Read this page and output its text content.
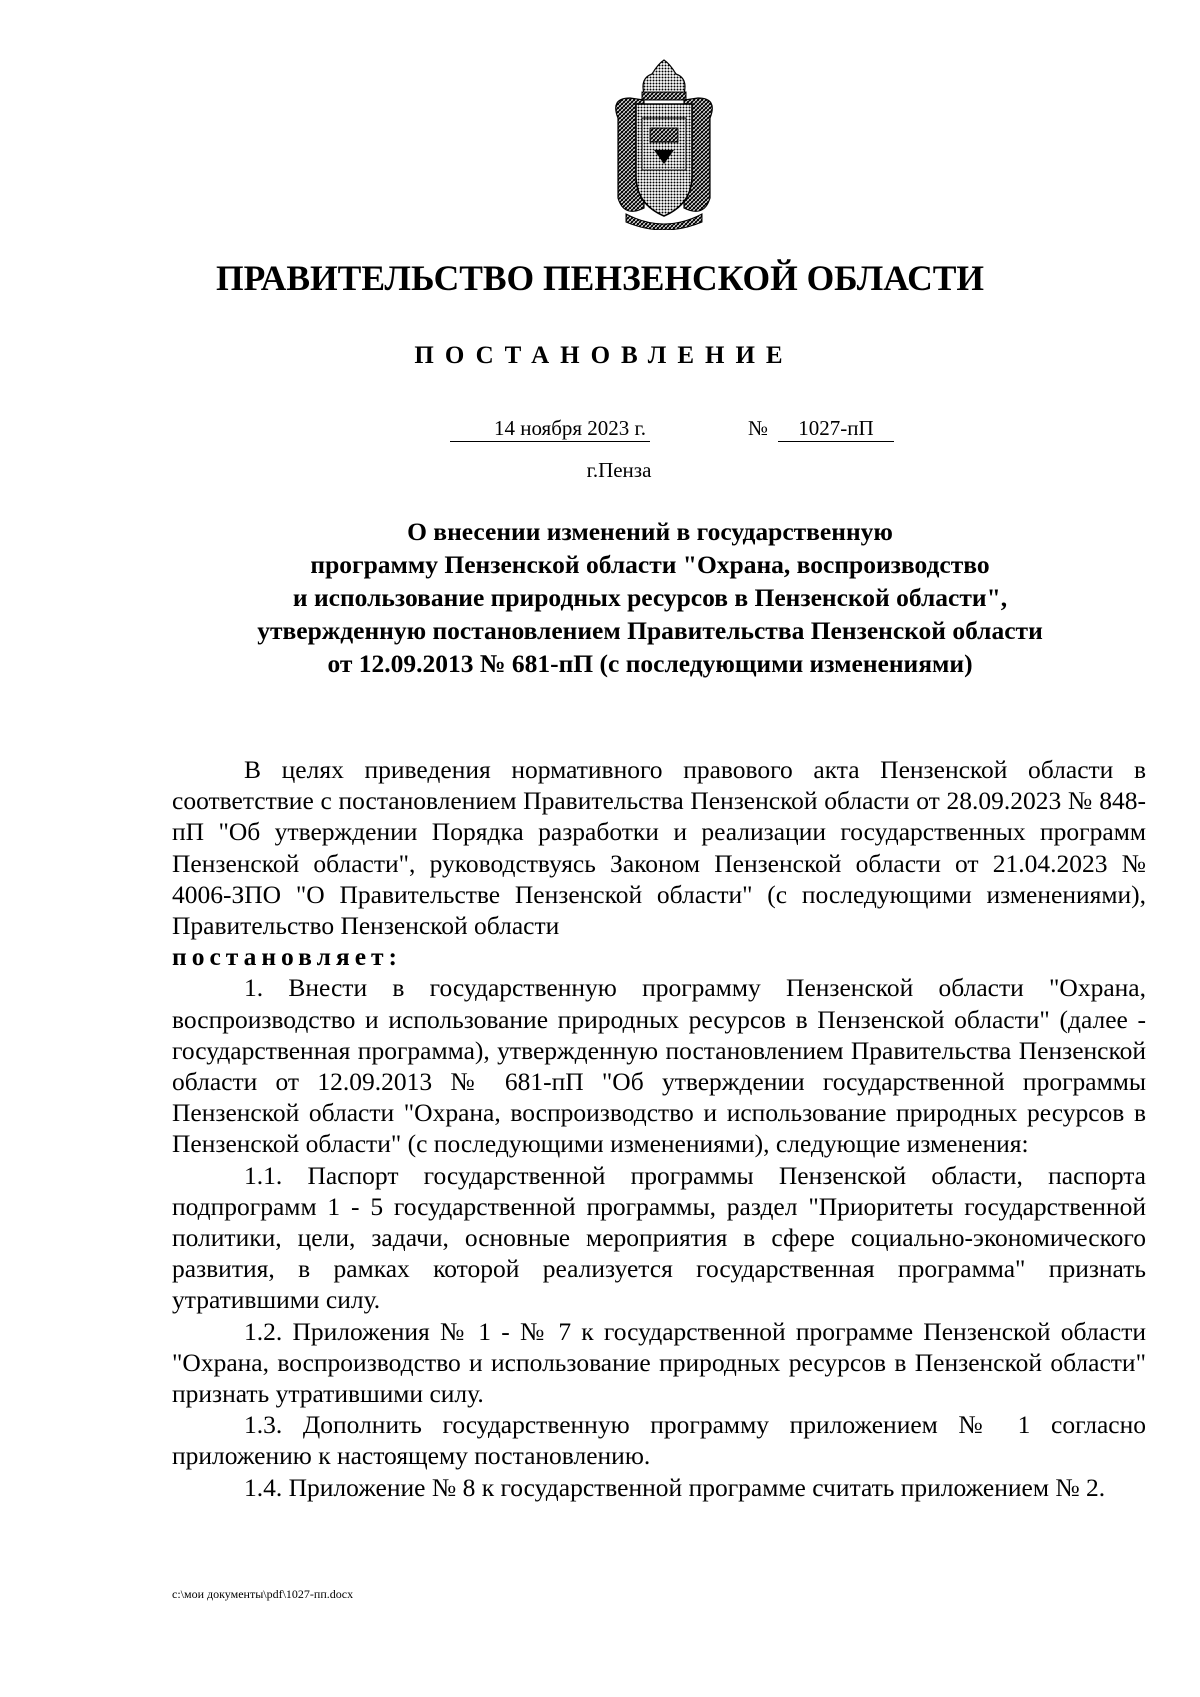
ПРАВИТЕЛЬСТВО ПЕНЗЕНСКОЙ ОБЛАСТИ
ПОСТАНОВЛЕНИЕ
14 ноября 2023 г.	№	1027-пП
г.Пенза
О внесении изменений в государственную
программу Пензенской области "Охрана, воспроизводство
и использование природных ресурсов в Пензенской области",
утвержденную постановлением Правительства Пензенской области
от 12.09.2013 № 681-пП (с последующими изменениями)
В целях приведения нормативного правового акта Пензенской области в соответствие с постановлением Правительства Пензенской области от 28.09.2023 № 848-пП "Об утверждении Порядка разработки и реализации государственных программ Пензенской области", руководствуясь Законом Пензенской области от 21.04.2023 № 4006-ЗПО "О Правительстве Пензенской области" (с последующими изменениями), Правительство Пензенской области
постановляет:
1. Внести в государственную программу Пензенской области "Охрана, воспроизводство и использование природных ресурсов в Пензенской области" (далее - государственная программа), утвержденную постановлением Правительства Пензенской области от 12.09.2013 № 681-пП "Об утверждении государственной программы Пензенской области "Охрана, воспроизводство и использование природных ресурсов в Пензенской области" (с последующими изменениями), следующие изменения:
1.1. Паспорт государственной программы Пензенской области, паспорта подпрограмм 1 - 5 государственной программы, раздел "Приоритеты государственной политики, цели, задачи, основные мероприятия в сфере социально-экономического развития, в рамках которой реализуется государственная программа" признать утратившими силу.
1.2. Приложения № 1 - № 7 к государственной программе Пензенской области "Охрана, воспроизводство и использование природных ресурсов в Пензенской области" признать утратившими силу.
1.3. Дополнить государственную программу приложением № 1 согласно приложению к настоящему постановлению.
1.4. Приложение № 8 к государственной программе считать приложением № 2.
c:\мои документы\pdf\1027-пп.docx
